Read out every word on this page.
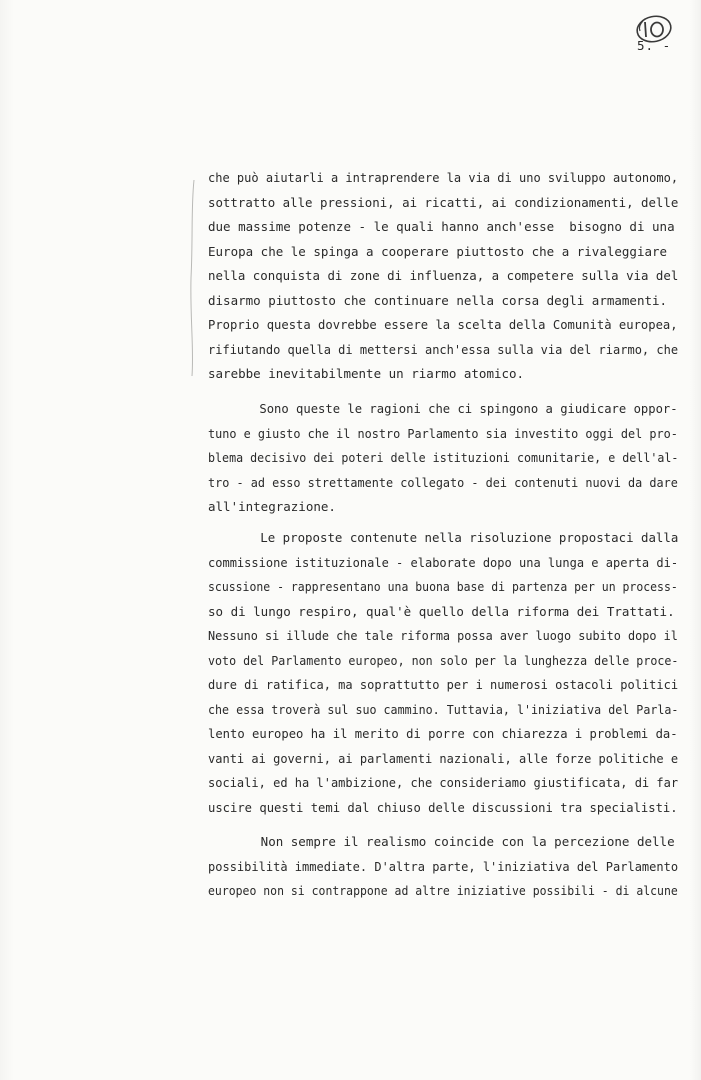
5. -
che può aiutarli a intraprendere la via di uno sviluppo autonomo,
sottratto alle pressioni, ai ricatti, ai condizionamenti, delle
due massime potenze - le quali hanno anch'esse  bisogno di una
Europa che le spinga a cooperare piuttosto che a rivaleggiare
nella conquista di zone di influenza, a competere sulla via del
disarmo piuttosto che continuare nella corsa degli armamenti.
Proprio questa dovrebbe essere la scelta della Comunità europea,
rifiutando quella di mettersi anch'essa sulla via del riarmo, che
sarebbe inevitabilmente un riarmo atomico.
Sono queste le ragioni che ci spingono a giudicare oppor-
tuno e giusto che il nostro Parlamento sia investito oggi del pro-
blema decisivo dei poteri delle istituzioni comunitarie, e dell'al-
tro - ad esso strettamente collegato - dei contenuti nuovi da dare
all'integrazione.
Le proposte contenute nella risoluzione propostaci dalla
commissione istituzionale - elaborate dopo una lunga e aperta di-
scussione - rappresentano una buona base di partenza per un process-
so di lungo respiro, qual'è quello della riforma dei Trattati.
Nessuno si illude che tale riforma possa aver luogo subito dopo il
voto del Parlamento europeo, non solo per la lunghezza delle proce-
dure di ratifica, ma soprattutto per i numerosi ostacoli politici
che essa troverà sul suo cammino. Tuttavia, l'iniziativa del Parla-
lento europeo ha il merito di porre con chiarezza i problemi da-
vanti ai governi, ai parlamenti nazionali, alle forze politiche e
sociali, ed ha l'ambizione, che consideriamo giustificata, di far
uscire questi temi dal chiuso delle discussioni tra specialisti.
Non sempre il realismo coincide con la percezione delle
possibilità immediate. D'altra parte, l'iniziativa del Parlamento
europeo non si contrappone ad altre iniziative possibili - di alcune
